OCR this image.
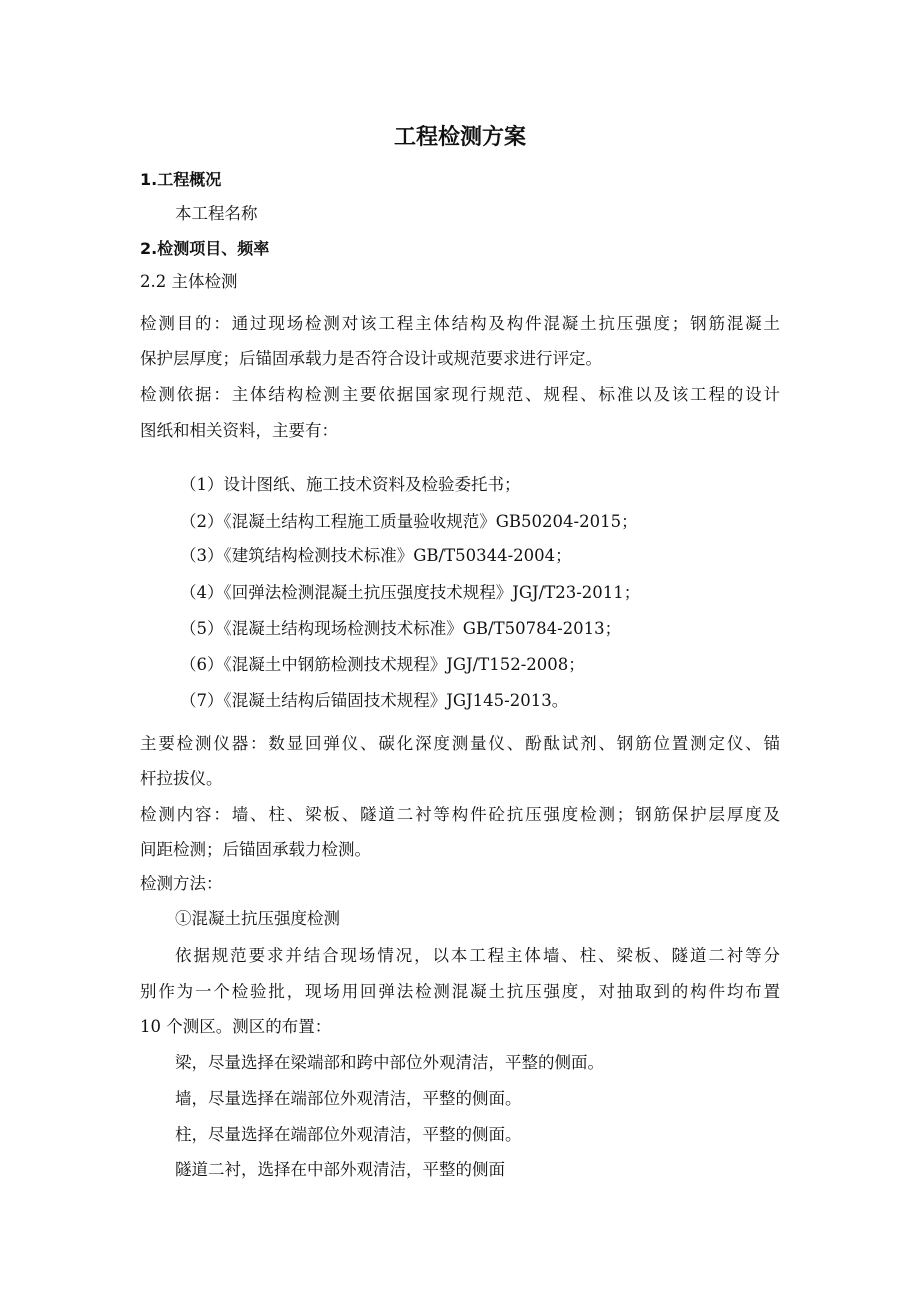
工程检测方案
1.工程概况
本工程名称
2.检测项目、频率
2.2 主体检测
检测目的：通过现场检测对该工程主体结构及构件混凝土抗压强度；钢筋混凝土
保护层厚度；后锚固承载力是否符合设计或规范要求进行评定。
检测依据：主体结构检测主要依据国家现行规范、规程、标准以及该工程的设计
图纸和相关资料，主要有：
（1）设计图纸、施工技术资料及检验委托书；
（2）《混凝土结构工程施工质量验收规范》GB50204-2015；
（3）《建筑结构检测技术标准》GB/T50344-2004；
（4）《回弹法检测混凝土抗压强度技术规程》JGJ/T23-2011；
（5）《混凝土结构现场检测技术标准》GB/T50784-2013；
（6）《混凝土中钢筋检测技术规程》JGJ/T152-2008；
（7）《混凝土结构后锚固技术规程》JGJ145-2013。
主要检测仪器：数显回弹仪、碳化深度测量仪、酚酞试剂、钢筋位置测定仪、锚
杆拉拔仪。
检测内容：墙、柱、梁板、隧道二衬等构件砼抗压强度检测；钢筋保护层厚度及
间距检测；后锚固承载力检测。
检测方法：
①混凝土抗压强度检测
依据规范要求并结合现场情况，以本工程主体墙、柱、梁板、隧道二衬等分
别作为一个检验批，现场用回弹法检测混凝土抗压强度，对抽取到的构件均布置
10 个测区。测区的布置：
梁，尽量选择在梁端部和跨中部位外观清洁，平整的侧面。
墙，尽量选择在端部位外观清洁，平整的侧面。
柱，尽量选择在端部位外观清洁，平整的侧面。
隧道二衬，选择在中部外观清洁，平整的侧面
